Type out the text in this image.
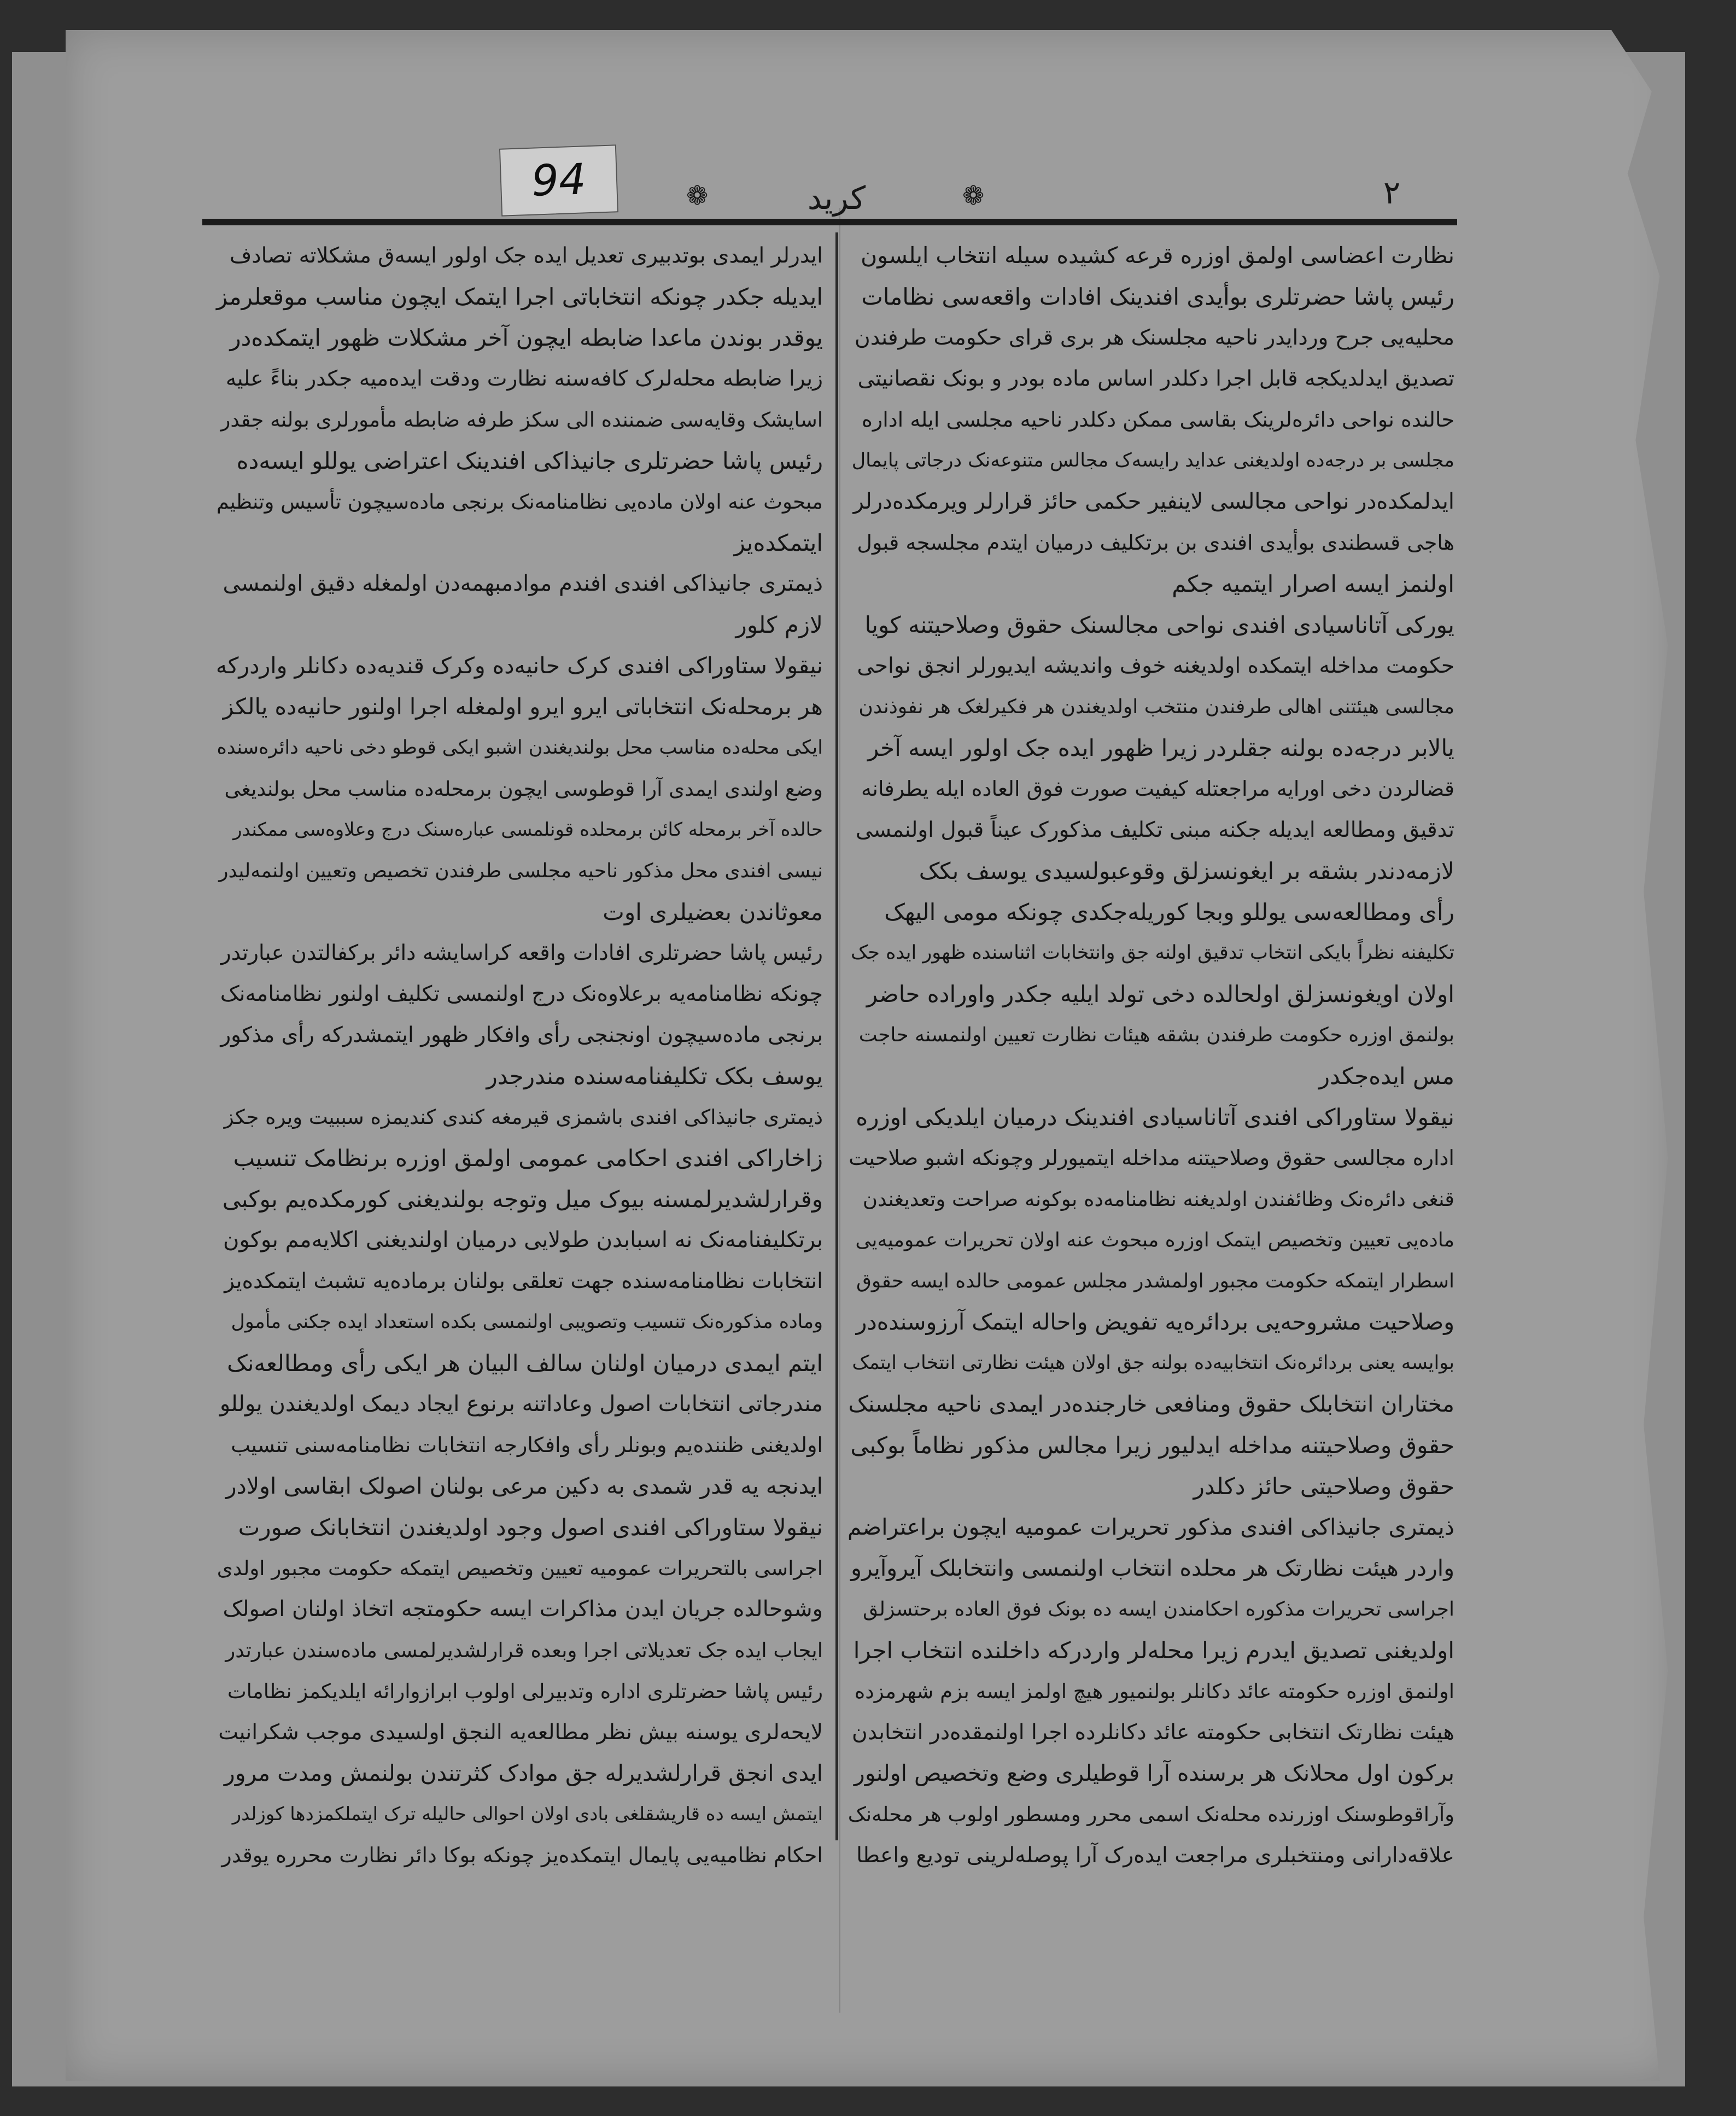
94	❁	كريد	❁	٢
نظارت اعضاسی اولمق اوزره قرعه کشیده سیله انتخاب ایلسون
رئیس پاشا حضرتلری بوأیدی افندینک افادات واقعه‌سی نظامات
محلیه‌یی جرح وردایدر ناحیه مجلسنک هر بری قرای حکومت طرفندن
تصدیق ایدلدیکجه قابل اجرا دکلدر اساس ماده بودر و بونک نقصانیتی
حالنده نواحی دائره‌لرینک بقاسی ممکن دکلدر ناحیه مجلسی ایله اداره
مجلسی بر درجه‌ده اولدیغنی عداید رایسه‌ک مجالس متنوعه‌نک درجاتی پایمال
ایدلمکده‌در نواحی مجالسی لاینفیر حکمی حائز قرارلر ویرمکده‌درلر
هاجی قسطندی بوأیدی افندی بن برتکلیف درمیان ایتدم مجلسجه قبول
اولنمز ایسه اصرار ایتمیه جکم
یورکی آتاناسیادی افندی نواحی مجالسنک حقوق وصلاحیتنه کویا
حکومت مداخله ایتمکده اولدیغنه خوف واندیشه ایدیورلر انجق نواحی
مجالسی هیئتنی اهالی طرفندن منتخب اولدیغندن هر فکیرلغک هر نفوذندن
یالابر درجه‌ده بولنه جقلردر زیرا ظهور ایده جک اولور ایسه آخر
قضالردن دخی اورایه مراجعتله کیفیت صورت فوق العاده ایله یطرفانه
تدقیق ومطالعه ایدیله جکنه مبنی تکلیف مذکورک عیناً قبول اولنمسی
لازمه‌دندر بشقه بر ایغونسزلق وقوعبولسیدی یوسف بکک
رأی ومطالعه‌سی یوللو وبجا کوریله‌جکدی چونکه مومی الیهک
تکلیفنه نظراً بایکی انتخاب تدقیق اولنه جق وانتخابات اثناسنده ظهور ایده جک
اولان اویغونسزلق اولحالده دخی تولد ایلیه جکدر واوراده حاضر
بولنمق اوزره حکومت طرفندن بشقه هیئات نظارت تعیین اولنمسنه حاجت
مس ایده‌جکدر
نیقولا ستاوراکی افندی آتاناسیادی افندینک درمیان ایلدیکی اوزره
اداره مجالسی حقوق وصلاحیتنه مداخله ایتمیورلر وچونکه اشبو صلاحیت
قنغی دائره‌نک وظائفندن اولدیغنه نظامنامه‌ده بوکونه صراحت وتعدیغندن
ماده‌یی تعیین وتخصیص ایتمک اوزره مبحوث عنه اولان تحریرات عمومیه‌یی
اسطرار ایتمکه حکومت مجبور اولمشدر مجلس عمومی حالده ایسه حقوق
وصلاحیت مشروحه‌یی بردائره‌یه تفویض واحاله ایتمک آرزوسنده‌در
بوایسه یعنی بردائره‌نک انتخابیه‌ده بولنه جق اولان هیئت نظارتی انتخاب ایتمک
مختاران انتخابلک حقوق ومنافعی خارجنده‌در ایمدی ناحیه مجلسنک
حقوق وصلاحیتنه مداخله ایدلیور زیرا مجالس مذکور نظاماً بوکبی
حقوق وصلاحیتی حائز دکلدر
ذیمتری جانیذاکی افندی مذکور تحریرات عمومیه ایچون براعتراضم
واردر هیئت نظارتک هر محلده انتخاب اولنمسی وانتخابلک آیروآیرو
اجراسی تحریرات مذکوره احکامندن ایسه ده بونک فوق العاده برحتسزلق
اولدیغنی تصدیق ایدرم زیرا محله‌لر واردرکه داخلنده انتخاب اجرا
اولنمق اوزره حکومته عائد دکانلر بولنمیور هیچ اولمز ایسه بزم شهرمزده
هیئت نظارتک انتخابی حکومته عائد دکانلرده اجرا اولنمقده‌در انتخابدن
برکون اول محلانک هر برسنده آرا قوطیلری وضع وتخصیص اولنور
وآراقوطوسنک اوزرنده محله‌نک اسمی محرر ومسطور اولوب هر محله‌نک
علاقه‌دارانی ومنتخبلری مراجعت ایده‌رک آرا پوصله‌لرینی تودیع واعطا
ایدرلر ایمدی بوتدبیری تعدیل ایده جک اولور ایسه‌ق مشکلاته تصادف
ایدیله جکدر چونکه انتخاباتی اجرا ایتمک ایچون مناسب موقعلرمز
یوقدر بوندن ماعدا ضابطه ایچون آخر مشکلات ظهور ایتمکده‌در
زیرا ضابطه محله‌لرک کافه‌سنه نظارت ودقت ایده‌میه جکدر بناءً علیه
اسایشک وقایه‌سی ضمننده الی سکز طرفه ضابطه مأمورلری بولنه جقدر
رئیس پاشا حضرتلری جانیذاکی افندینک اعتراضی یوللو ایسه‌ده
مبحوث عنه اولان ماده‌یی نظامنامه‌نک برنجی ماده‌سیچون تأسیس وتنظیم
ایتمکده‌یز
ذیمتری جانیذاکی افندی افندم موادمبهمه‌دن اولمغله دقیق اولنمسی
لازم کلور
نیقولا ستاوراکی افندی کرک حانیه‌ده وکرک قندیه‌ده دکانلر واردرکه
هر برمحله‌نک انتخاباتی ایرو ایرو اولمغله اجرا اولنور حانیه‌ده یالکز
ایکی محله‌ده مناسب محل بولندیغندن اشبو ایکی قوطو دخی ناحیه دائره‌سنده
وضع اولندی ایمدی آرا قوطوسی ایچون برمحله‌ده مناسب محل بولندیغی
حالده آخر برمحله کائن برمحلده قونلمسی عباره‌سنک درج وعلاوه‌سی ممکندر
نیسی افندی محل مذکور ناحیه مجلسی طرفندن تخصیص وتعیین اولنمه‌لیدر
معوثاندن بعضیلری اوت
رئیس پاشا حضرتلری افادات واقعه کراسایشه دائر برکفالتدن عبارتدر
چونکه نظامنامه‌یه برعلاوه‌نک درج اولنمسی تکلیف اولنور نظامنامه‌نک
برنجی ماده‌سیچون اونجنجی رأی وافکار ظهور ایتمشدرکه رأی مذکور
یوسف بکک تکلیفنامه‌سنده مندرجدر
ذیمتری جانیذاکی افندی باشمزی قیرمغه کندی کندیمزه سببیت ویره جکز
زاخاراکی افندی احکامی عمومی اولمق اوزره برنظامک تنسیب
وقرارلشدیرلمسنه بیوک میل وتوجه بولندیغنی کورمکده‌یم بوکبی
برتکلیفنامه‌نک نه اسبابدن طولایی درمیان اولندیغنی اکلایه‌مم بوکون
انتخابات نظامنامه‌سنده جهت تعلقی بولنان برماده‌یه تشبث ایتمکده‌یز
وماده مذکوره‌نک تنسیب وتصویبی اولنمسی بکده استعداد ایده جکنی مأمول
ایتم ایمدی درمیان اولنان سالف البیان هر ایکی رأی ومطالعه‌نک
مندرجاتی انتخابات اصول وعاداتنه برنوع ایجاد دیمک اولدیغندن یوللو
اولدیغنی ظننده‌یم وبونلر رأی وافکارجه انتخابات نظامنامه‌سنی تنسیب
ایدنجه یه قدر شمدی به دکین مرعی بولنان اصولک ابقاسی اولادر
نیقولا ستاوراکی افندی اصول وجود اولدیغندن انتخابانک صورت
اجراسی بالتحریرات عمومیه تعیین وتخصیص ایتمکه حکومت مجبور اولدی
وشوحالده جریان ایدن مذاکرات ایسه حکومتجه اتخاذ اولنان اصولک
ایجاب ایده جک تعدیلاتی اجرا وبعده قرارلشدیرلمسی ماده‌سندن عبارتدر
رئیس پاشا حضرتلری اداره وتدبیرلی اولوب ابرازوارائه ایلدیکمز نظامات
لایحه‌لری یوسنه بیش نظر مطالعه‌یه النجق اولسیدی موجب شکرانیت
ایدی انجق قرارلشدیرله جق موادک کثرتندن بولنمش ومدت مرور
ایتمش ایسه ده قاریشقلغی بادی اولان احوالی حالیله ترک ایتملکمزدها کوزلدر
احکام نظامیه‌یی پایمال ایتمکده‌یز چونکه بوکا دائر نظارت محرره یوقدر
